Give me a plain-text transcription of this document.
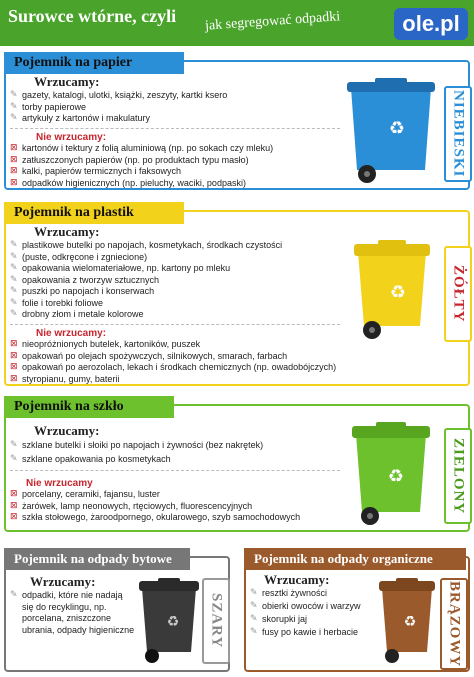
Surowce wtórne, czyli jak segregować odpadki	ole.pl
Pojemnik na papier
Wrzucamy:
✎ gazety, katalogi, ulotki, książki, zeszyty, kartki ksero
✎ torby papierowe
✎ artykuły z kartonów i makulatury
Nie wrzucamy:
⊠ kartonów i tektury z folią aluminiową (np. po sokach czy mleku)
⊠ zatłuszczonych papierów (np. po produktach typu masło)
⊠ kalki, papierów termicznych i faksowych
⊠ odpadków higienicznych (np. pieluchy, waciki, podpaski)
♻	NIEBIESKI
Pojemnik na plastik
Wrzucamy:
✎ plastikowe butelki po napojach, kosmetykach, środkach czystości
✎ (puste, odkręcone i zgniecione)
✎ opakowania wielomateriałowe, np. kartony po mleku
✎ opakowania z tworzyw sztucznych
✎ puszki po napojach i konserwach
✎ folie i torebki foliowe
✎ drobny złom i metale kolorowe
Nie wrzucamy:
⊠ nieopróżnionych butelek, kartoników, puszek
⊠ opakowań po olejach spożywczych, silnikowych, smarach, farbach
⊠ opakowań po aerozolach, lekach i środkach chemicznych (np. owadobójczych)
⊠ styropianu, gumy, baterii
♻	ŻÓŁTY
Pojemnik na szkło
Wrzucamy:
✎ szklane butelki i słoiki po napojach i żywności (bez nakrętek)
✎ szklane opakowania po kosmetykach
Nie wrzucamy
⊠ porcelany, ceramiki, fajansu, luster
⊠ żarówek, lamp neonowych, rtęciowych, fluorescencyjnych
⊠ szkła stołowego, żaroodpornego, okularowego, szyb samochodowych
♻	ZIELONY
Pojemnik na odpady bytowe
Wrzucamy:
✎ odpadki, które nie nadają się do recyklingu, np. porcelana, zniszczone ubrania, odpady higieniczne ♻ SZARY
Pojemnik na odpady organiczne
Wrzucamy:
✎ resztki żywności
✎ obierki owoców i warzyw
✎ skorupki jaj
✎ fusy po kawie i herbacie
♻ BRĄZOWY
